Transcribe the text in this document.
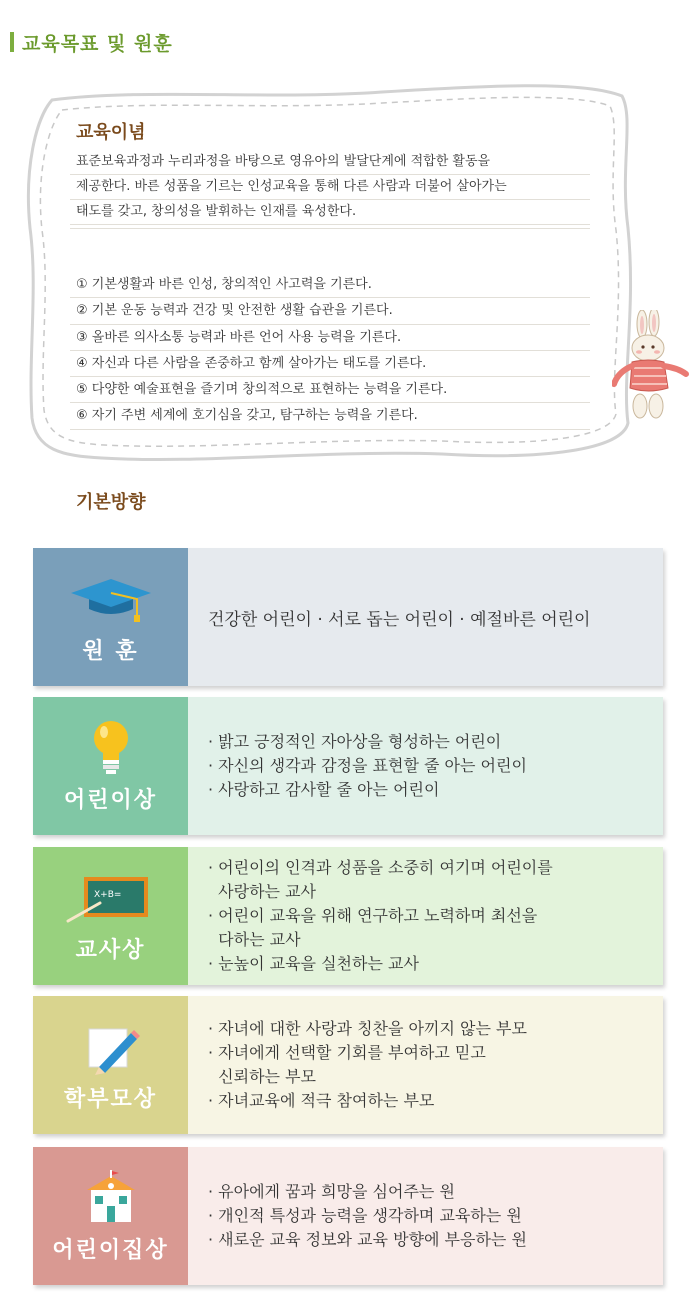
교육목표 및 원훈
교육이념
표준보육과정과 누리과정을 바탕으로 영유아의 발달단계에 적합한 활동을
제공한다. 바른 성품을 기르는 인성교육을 통해 다른 사람과 더불어 살아가는
태도를 갖고, 창의성을 발휘하는 인재를 육성한다.
① 기본생활과 바른 인성, 창의적인 사고력을 기른다.
② 기본 운동 능력과 건강 및 안전한 생활 습관을 기른다.
③ 올바른 의사소통 능력과 바른 언어 사용 능력을 기른다.
④ 자신과 다른 사람을 존중하고 함께 살아가는 태도를 기른다.
⑤ 다양한 예술표현을 즐기며 창의적으로 표현하는 능력을 기른다.
⑥ 자기 주변 세계에 호기심을 갖고, 탐구하는 능력을 기른다.
기본방향
원 훈
건강한 어린이 · 서로 돕는 어린이 · 예절바른 어린이
어린이상
· 밝고 긍정적인 자아상을 형성하는 어린이
· 자신의 생각과 감정을 표현할 줄 아는 어린이
· 사랑하고 감사할 줄 아는 어린이
X+B=
교사상
· 어린이의 인격과 성품을 소중히 여기며 어린이를
사랑하는 교사
· 어린이 교육을 위해 연구하고 노력하며 최선을
다하는 교사
· 눈높이 교육을 실천하는 교사
학부모상
· 자녀에 대한 사랑과 칭찬을 아끼지 않는 부모
· 자녀에게 선택할 기회를 부여하고 믿고
신뢰하는 부모
· 자녀교육에 적극 참여하는 부모
어린이집상
· 유아에게 꿈과 희망을 심어주는 원
· 개인적 특성과 능력을 생각하며 교육하는 원
· 새로운 교육 정보와 교육 방향에 부응하는 원
